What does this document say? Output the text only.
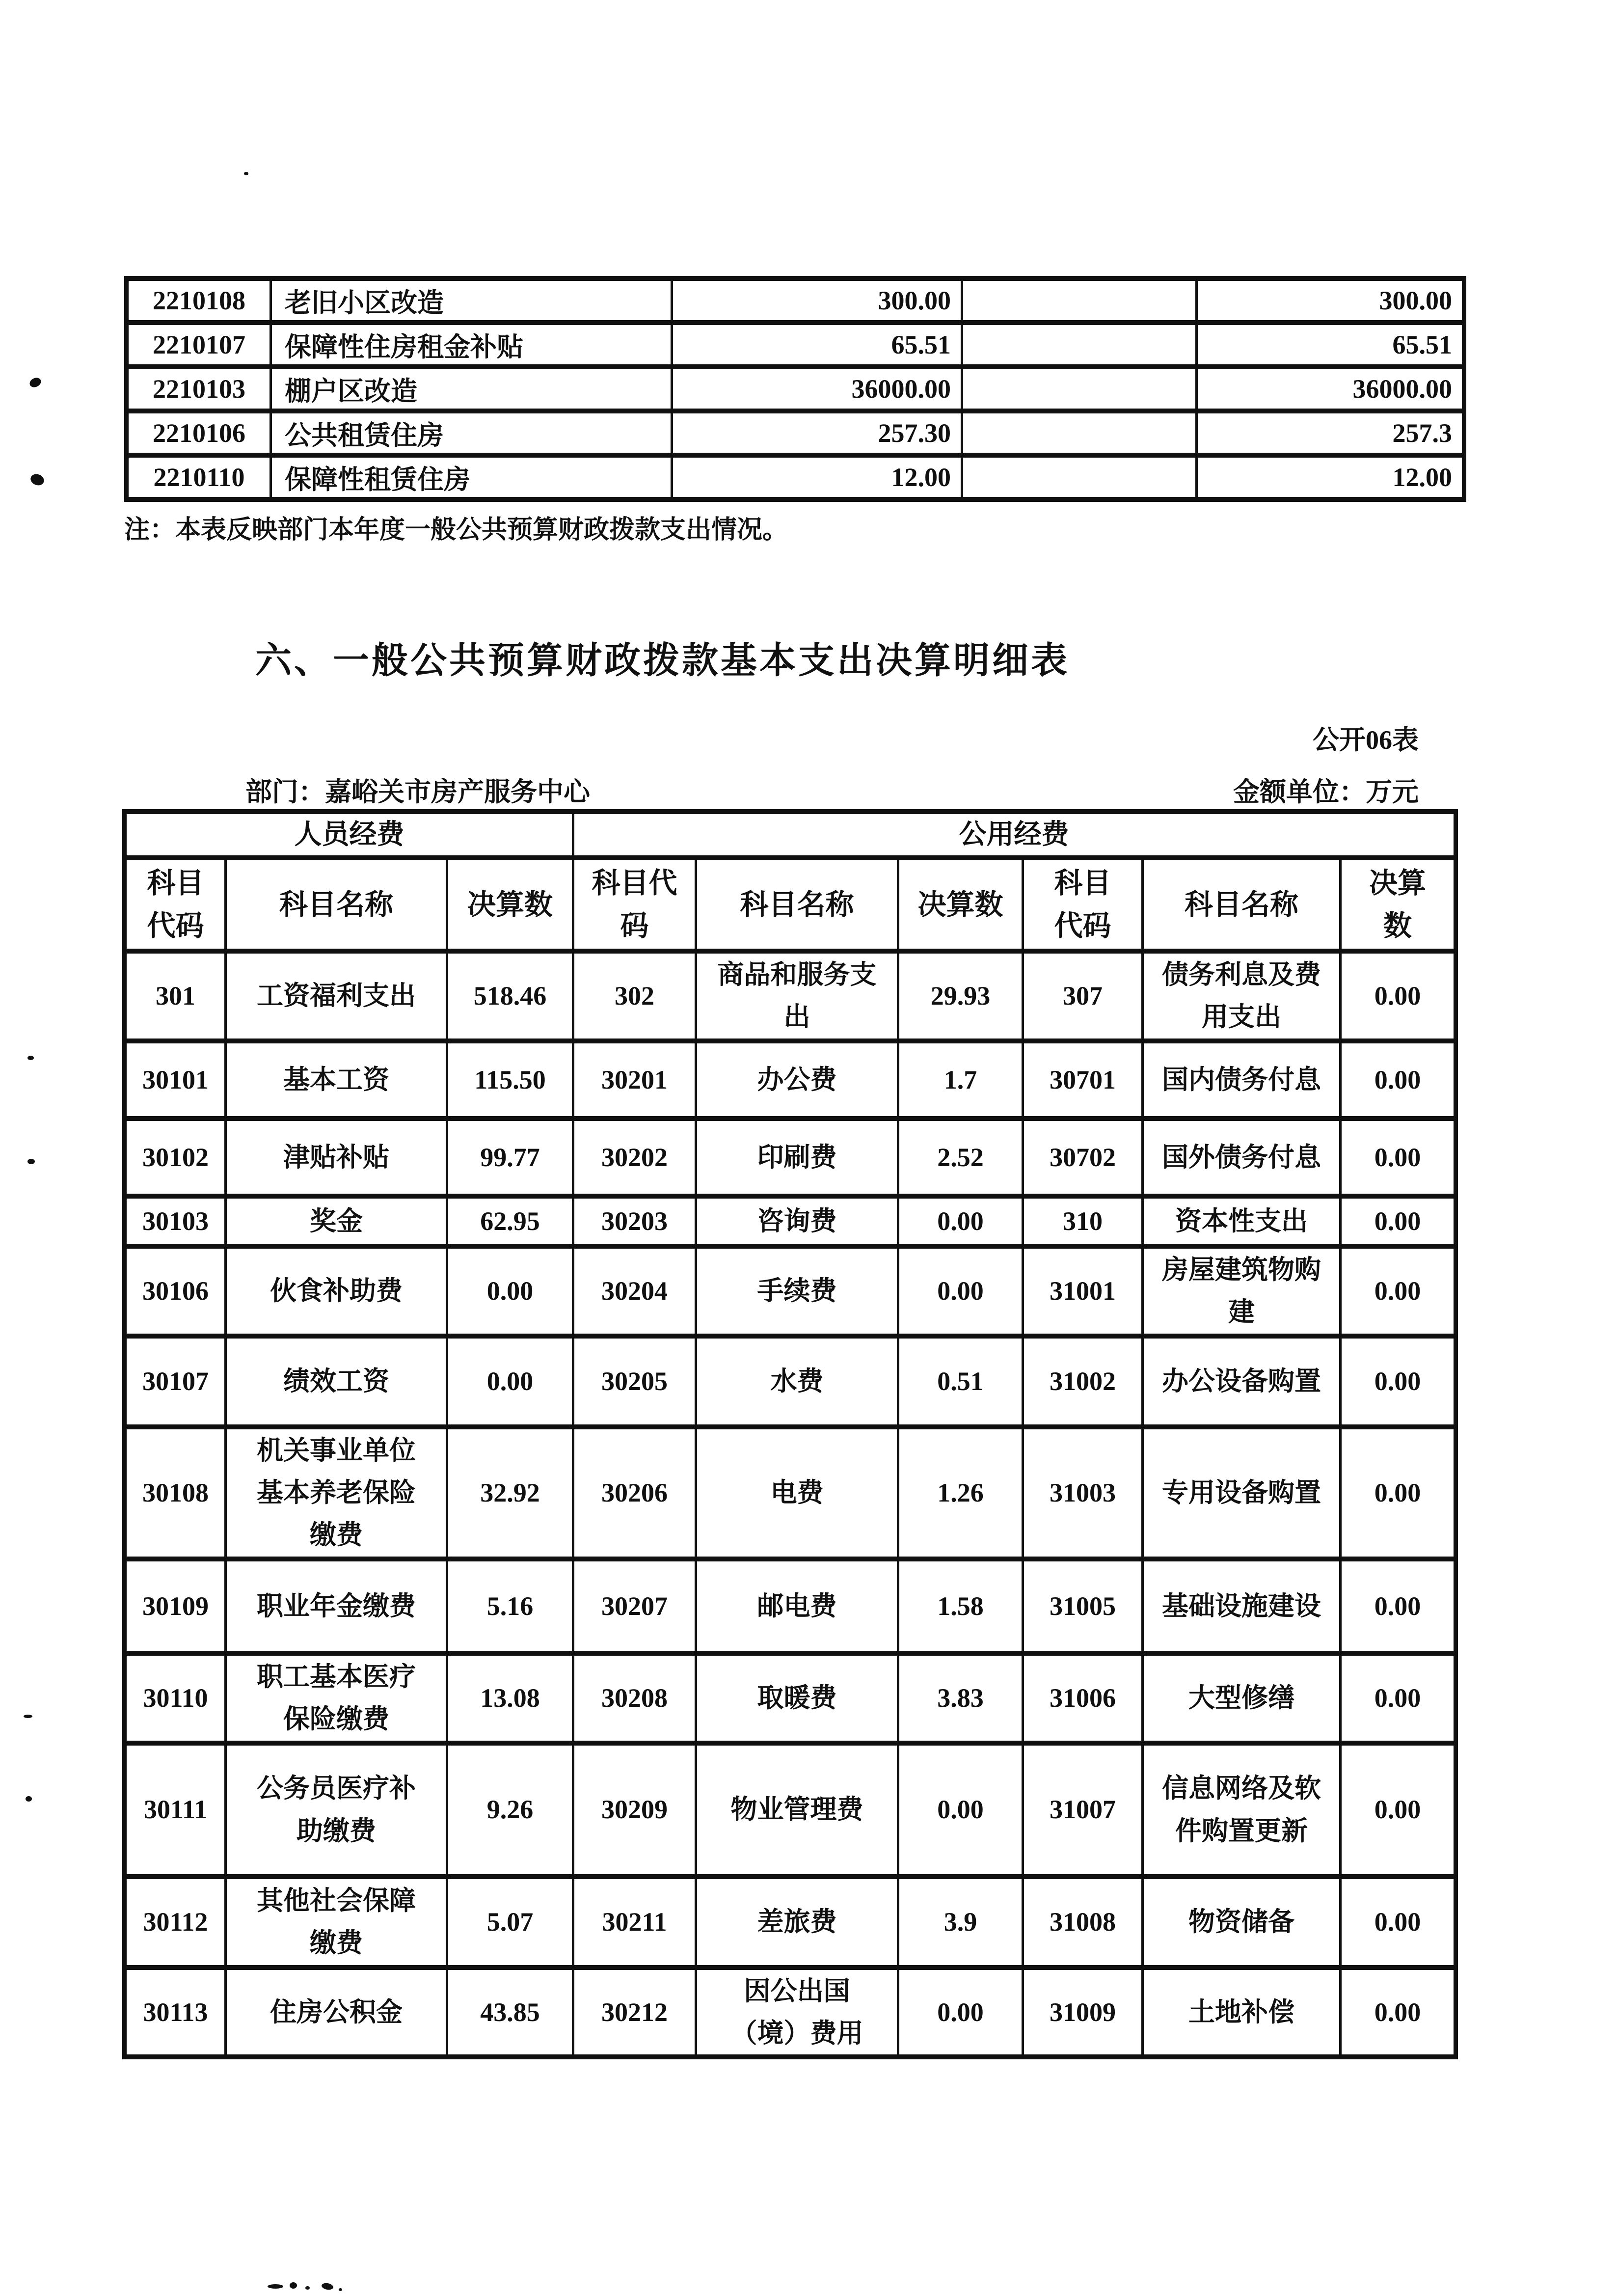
2210108	老旧小区改造	300.00		300.00
2210107	保障性住房租金补贴	65.51		65.51
2210103	棚户区改造	36000.00		36000.00
2210106	公共租赁住房	257.30		257.3
2210110	保障性租赁住房	12.00		12.00
注：本表反映部门本年度一般公共预算财政拨款支出情况。
六、一般公共预算财政拨款基本支出决算明细表
公开06表
部门：嘉峪关市房产服务中心	金额单位：万元
人员经费			公用经费					
科目代码	科目名称	决算数	科目代码	科目名称	决算数	科目代码	科目名称	决算数
301	工资福利支出	518.46	302	商品和服务支出	29.93	307	债务利息及费用支出	0.00
30101	基本工资	115.50	30201	办公费	1.7	30701	国内债务付息	0.00
30102	津贴补贴	99.77	30202	印刷费	2.52	30702	国外债务付息	0.00
30103	奖金	62.95	30203	咨询费	0.00	310	资本性支出	0.00
30106	伙食补助费	0.00	30204	手续费	0.00	31001	房屋建筑物购建	0.00
30107	绩效工资	0.00	30205	水费	0.51	31002	办公设备购置	0.00
30108	机关事业单位基本养老保险缴费	32.92	30206	电费	1.26	31003	专用设备购置	0.00
30109	职业年金缴费	5.16	30207	邮电费	1.58	31005	基础设施建设	0.00
30110	职工基本医疗保险缴费	13.08	30208	取暖费	3.83	31006	大型修缮	0.00
30111	公务员医疗补助缴费	9.26	30209	物业管理费	0.00	31007	信息网络及软件购置更新	0.00
30112	其他社会保障缴费	5.07	30211	差旅费	3.9	31008	物资储备	0.00
30113	住房公积金	43.85	30212	因公出国（境）费用	0.00	31009	土地补偿	0.00
